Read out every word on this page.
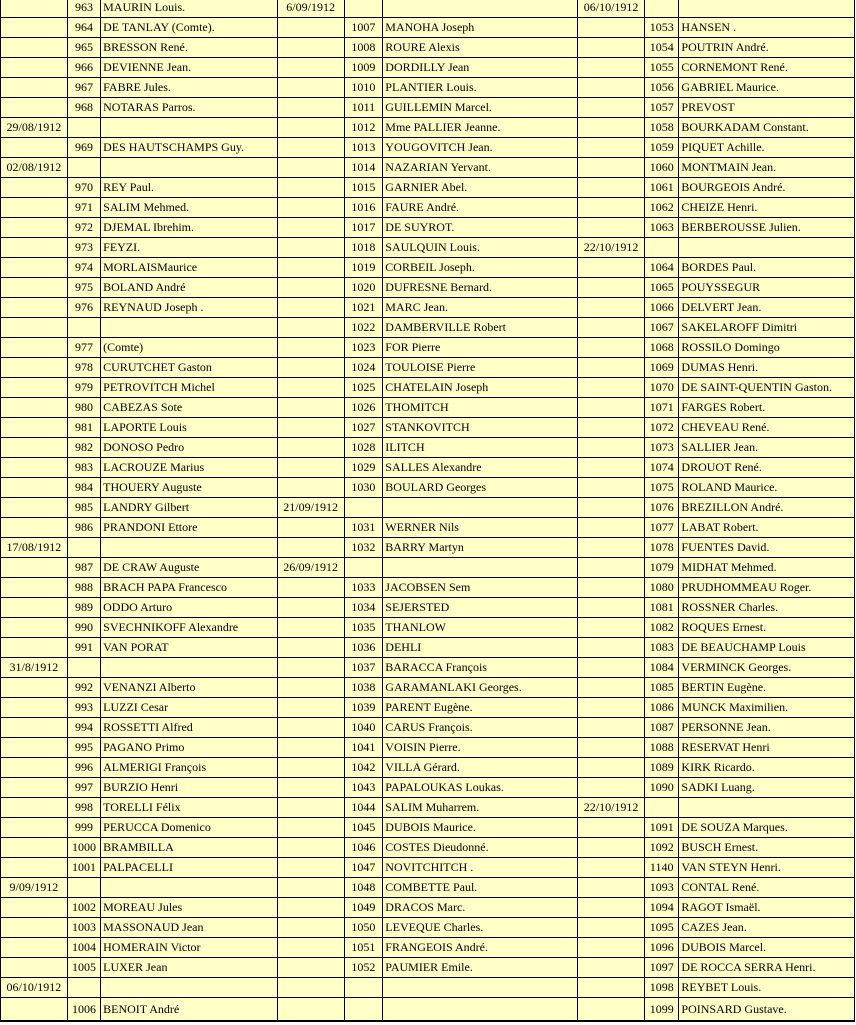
	963	MAURIN Louis.	6/09/1912			06/10/1912		
	964	DE TANLAY (Comte).		1007	MANOHA Joseph		1053	HANSEN .
	965	BRESSON René.		1008	ROURE Alexis		1054	POUTRIN André.
	966	DEVIENNE Jean.		1009	DORDILLY Jean		1055	CORNEMONT René.
	967	FABRE Jules.		1010	PLANTIER Louis.		1056	GABRIEL Maurice.
	968	NOTARAS Parros.		1011	GUILLEMIN Marcel.		1057	PREVOST
29/08/1912				1012	Mme PALLIER Jeanne.		1058	BOURKADAM Constant.
	969	DES HAUTSCHAMPS Guy.		1013	YOUGOVITCH Jean.		1059	PIQUET Achille.
02/08/1912				1014	NAZARIAN Yervant.		1060	MONTMAIN Jean.
	970	REY Paul.		1015	GARNIER Abel.		1061	BOURGEOIS André.
	971	SALIM Mehmed.		1016	FAURE André.		1062	CHEIZE Henri.
	972	DJEMAL Ibrehim.		1017	DE SUYROT.		1063	BERBEROUSSE Julien.
	973	FEYZI.		1018	SAULQUIN Louis.	22/10/1912		
	974	MORLAISMaurice		1019	CORBEIL Joseph.		1064	BORDES Paul.
	975	BOLAND André		1020	DUFRESNE Bernard.		1065	POUYSSEGUR
	976	REYNAUD Joseph .		1021	MARC Jean.		1066	DELVERT Jean.
				1022	DAMBERVILLE Robert		1067	SAKELAROFF Dimitri
	977	(Comte)		1023	FOR Pierre		1068	ROSSILO Domingo
	978	CURUTCHET Gaston		1024	TOULOISE Pierre		1069	DUMAS Henri.
	979	PETROVITCH Michel		1025	CHATELAIN Joseph		1070	DE SAINT-QUENTIN Gaston.
	980	CABEZAS Sote		1026	THOMITCH		1071	FARGES Robert.
	981	LAPORTE Louis		1027	STANKOVITCH		1072	CHEVEAU René.
	982	DONOSO Pedro		1028	ILITCH		1073	SALLIER Jean.
	983	LACROUZE Marius		1029	SALLES Alexandre		1074	DROUOT René.
	984	THOUERY Auguste		1030	BOULARD Georges		1075	ROLAND Maurice.
	985	LANDRY Gilbert	21/09/1912				1076	BREZILLON André.
	986	PRANDONI Ettore		1031	WERNER Nils		1077	LABAT Robert.
17/08/1912				1032	BARRY Martyn		1078	FUENTES David.
	987	DE CRAW Auguste	26/09/1912				1079	MIDHAT Mehmed.
	988	BRACH PAPA Francesco		1033	JACOBSEN Sem		1080	PRUDHOMMEAU Roger.
	989	ODDO Arturo		1034	SEJERSTED		1081	ROSSNER Charles.
	990	SVECHNIKOFF Alexandre		1035	THANLOW		1082	ROQUES Ernest.
	991	VAN PORAT		1036	DEHLI		1083	DE BEAUCHAMP Louis
31/8/1912				1037	BARACCA François		1084	VERMINCK Georges.
	992	VENANZI Alberto		1038	GARAMANLAKI Georges.		1085	BERTIN Eugène.
	993	LUZZI Cesar		1039	PARENT Eugène.		1086	MUNCK Maximilien.
	994	ROSSETTI Alfred		1040	CARUS François.		1087	PERSONNE Jean.
	995	PAGANO Primo		1041	VOISIN Pierre.		1088	RESERVAT Henri
	996	ALMERIGI François		1042	VILLA Gérard.		1089	KIRK Ricardo.
	997	BURZIO Henri		1043	PAPALOUKAS Loukas.		1090	SADKI Luang.
	998	TORELLI Félix		1044	SALIM Muharrem.	22/10/1912		
	999	PERUCCA Domenico		1045	DUBOIS Maurice.		1091	DE SOUZA Marques.
	1000	BRAMBILLA		1046	COSTES Dieudonné.		1092	BUSCH Ernest.
	1001	PALPACELLI		1047	NOVITCHITCH .		1140	VAN STEYN Henri.
9/09/1912				1048	COMBETTE Paul.		1093	CONTAL René.
	1002	MOREAU Jules		1049	DRACOS Marc.		1094	RAGOT Ismaël.
	1003	MASSONAUD Jean		1050	LEVEQUE Charles.		1095	CAZES Jean.
	1004	HOMERAIN Victor		1051	FRANGEOIS André.		1096	DUBOIS Marcel.
	1005	LUXER Jean		1052	PAUMIER Emile.		1097	DE ROCCA SERRA Henri.
06/10/1912							1098	REYBET Louis.
	1006	BENOIT André					1099	POINSARD Gustave.
